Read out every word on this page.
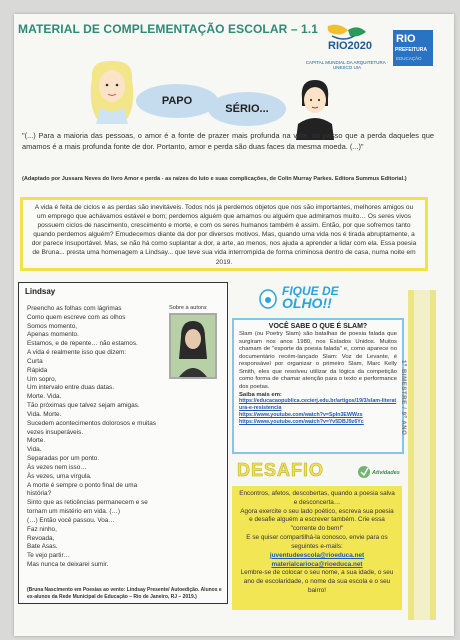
MATERIAL DE COMPLEMENTAÇÃO ESCOLAR – 1.1
RIO2020
CAPITAL MUNDIAL DA ARQUITETURA · UNESCO UIA
RIO
PREFEITURA
EDUCAÇÃO
PAPO
SÉRIO...
"(...) Para a maioria das pessoas, o amor é a fonte de prazer mais profunda na vida, ao passo que a perda daqueles que amamos é a mais profunda fonte de dor. Portanto, amor e perda são duas faces da mesma moeda. (...)"
(Adaptado por Jussara Neves do livro Amor e perda - as raízes do luto e suas complicações, de Colin Murray Parkes. Editora Summus Editorial.)
A vida é feita de ciclos e as perdas são inevitáveis. Todos nós já perdemos objetos que nos são importantes, melhores amigos ou um emprego que achávamos estável e bom; perdemos alguém que amamos ou alguém que admiramos muito… Os seres vivos possuem ciclos de nascimento, crescimento e morte, e com os seres humanos também é assim. Então, por que sofremos tanto quando perdemos alguém? Emudecemos diante da dor por diversos motivos. Mas, quando uma vida nos é tirada abruptamente, a dor parece insuportável. Mas, se não há como suplantar a dor, a arte, ao menos, nos ajuda a aprender a lidar com ela. Essa poesia de Bruna... presta uma homenagem a Lindsay... que teve sua vida interrompida de forma criminosa dentro de casa, numa noite em 2019.
Lindsay
Preencho as folhas com lágrimas
Como quem escreve com as olhos
Somos momento,
Apenas momento.
Estamos, e de repente… não estamos.
A vida é realmente isso que dizem:
Curta
Rápida
Um sopro,
Um intervalo entre duas datas.
Morte. Vida.
Tão próximas que talvez sejam amigas.
Vida. Morte.
Sucedem acontecimentos dolorosos e muitas vezes insuperáveis.
Morte.
Vida.
Separadas por um ponto.
Às vezes nem isso…
Às vezes, uma vírgula.
A morte é sempre o ponto final de uma história?
Sinto que as reticências permanecem e se tornam um mistério em vida. (…)
(…) Então você passou. Voa…
Faz ninho,
Revoada,
Bate Asas.
Te vejo partir…
Mas nunca te deixarei sumir.
Sobre a autora:
(Bruna Nascimento em Poesias ao vento: Lindsay Presente/ Autoedição. Alunos e ex-alunos da Rede Municipal de Educação – Rio de Janeiro, RJ – 2019.)
FIQUE DE
OLHO!!
VOCÊ SABE O QUE É SLAM?
Slam (ou Poetry Slam) são batalhas de poesia falada que surgiram nos anos 1980, nos Estados Unidos. Muitos chamam de "esporte da poesia falada" e, como aparece no documentário recém-lançado Slam: Voz de Levante, é responsável por organizar o primeiro Slam, Marc Kelly Smith, eles que resolveu utilizar da lógica da competição como forma de chamar atenção para o texto e performance dos poetas.
Saiba mais em:
https://educacaopublica.cecierj.edu.br/artigos/19/3/slam-literatura-e-resistencia
https://www.youtube.com/watch?v=SpIn3EWWzs
https://www.youtube.com/watch?v=Yv5DBJ9z6Yc
DESAFIO	Atividades
Encontros, afetos, descobertas, quando a poesia salva e desconcerta…
Agora exercite o seu lado poético, escreva sua poesia e desafie alguém a escrever também. Crie essa "corrente do bem!"
E se quiser compartilhá-la conosco, envie para os seguintes e-mails:
juventudeescola@rioeduca.net
materialcarioca@rioeduca.net
Lembre-se de colocar o seu nome, a sua idade, o seu ano de escolaridade, o nome da sua escola e o seu bairro!
1º BIMESTRE / 9º ANO
